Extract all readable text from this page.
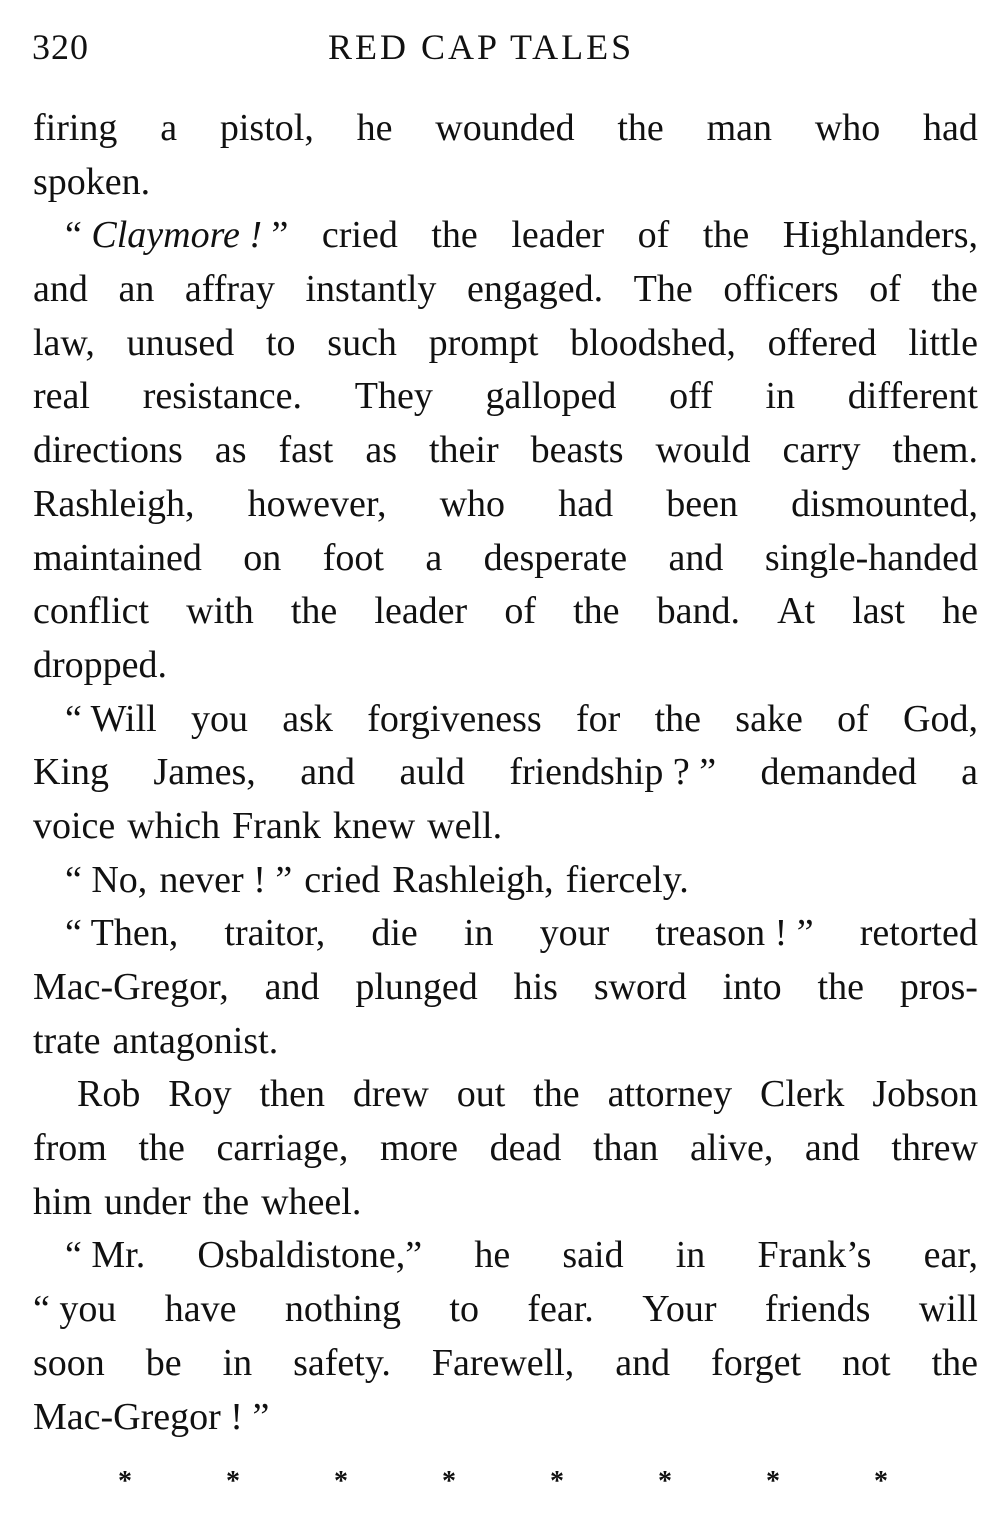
320	RED CAP TALES
firing a pistol, he wounded the man who had
spoken.
“ Claymore ! ” cried the leader of the Highlanders,
and an affray instantly engaged. The officers of the
law, unused to such prompt bloodshed, offered little
real resistance. They galloped off in different
directions as fast as their beasts would carry them.
Rashleigh, however, who had been dismounted,
maintained on foot a desperate and single-handed
conflict with the leader of the band. At last he
dropped.
“ Will you ask forgiveness for the sake of God,
King James, and auld friendship ? ” demanded a
voice which Frank knew well.
“ No, never ! ” cried Rashleigh, fiercely.
“ Then, traitor, die in your treason ! ” retorted
Mac-Gregor, and plunged his sword into the pros-
trate antagonist.
Rob Roy then drew out the attorney Clerk Jobson
from the carriage, more dead than alive, and threw
him under the wheel.
“ Mr. Osbaldistone,” he said in Frank’s ear,
“ you have nothing to fear. Your friends will
soon be in safety. Farewell, and forget not the
Mac-Gregor ! ”
*	*	*	*	*	*	*	*
